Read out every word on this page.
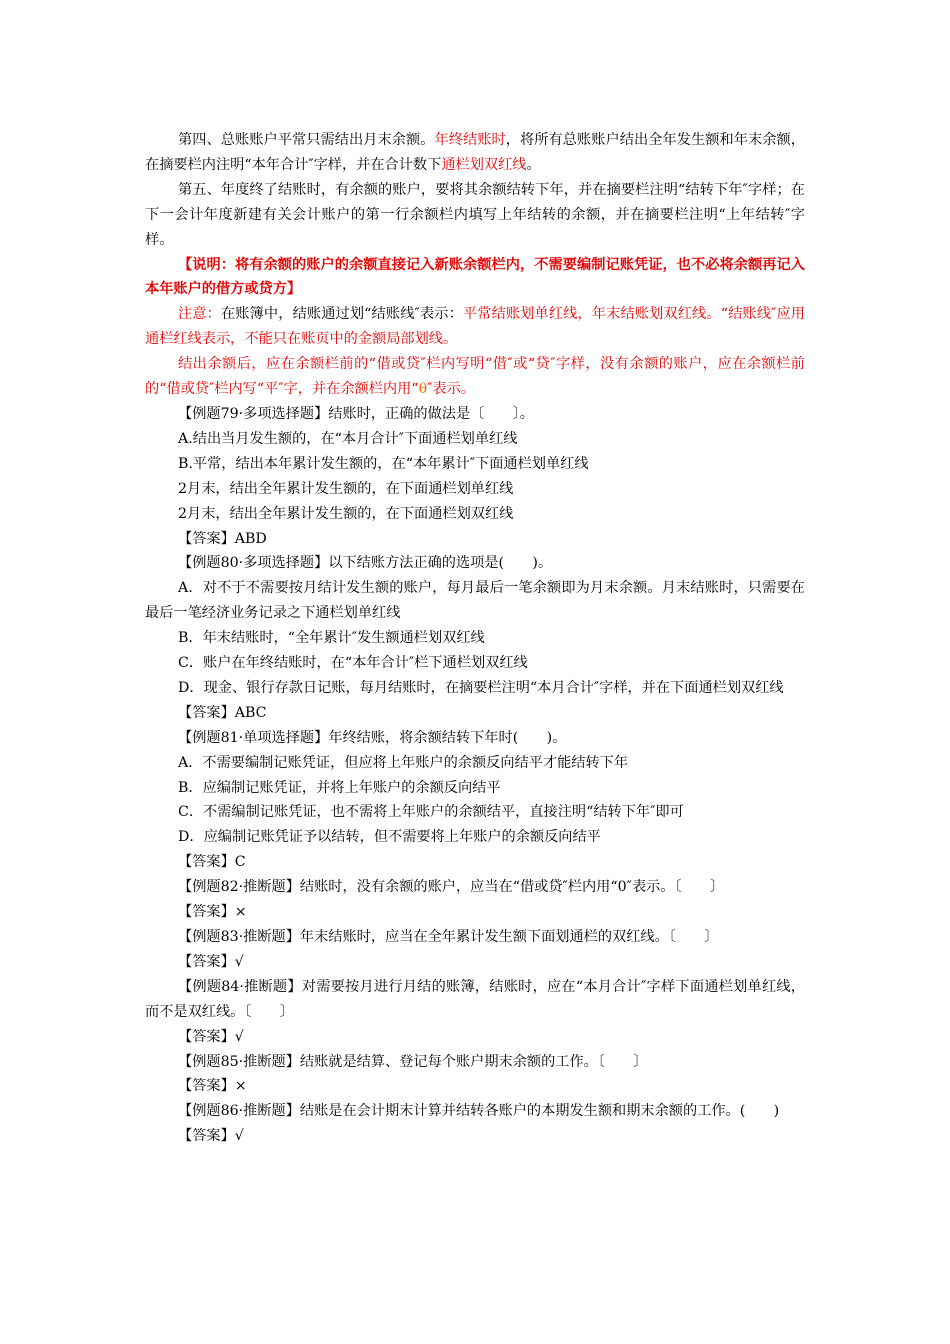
第四、总账账户平常只需结出月末余额。年终结账时，将所有总账账户结出全年发生额和年末余额，在摘要栏内注明“本年合计″字样，并在合计数下通栏划双红线。

第五、年度终了结账时，有余额的账户，要将其余额结转下年，并在摘要栏注明“结转下年″字样；在下一会计年度新建有关会计账户的第一行余额栏内填写上年结转的余额，并在摘要栏注明“上年结转″字样。

【说明：将有余额的账户的余额直接记入新账余额栏内，不需要编制记账凭证，也不必将余额再记入本年账户的借方或贷方】

注意：在账簿中，结账通过划“结账线″表示：平常结账划单红线，年末结账划双红线。“结账线″应用通栏红线表示，不能只在账页中的金额局部划线。

结出余额后，应在余额栏前的“借或贷″栏内写明“借″或“贷″字样，没有余额的账户，应在余额栏前的“借或贷″栏内写“平″字，并在余额栏内用“θ″表示。

【例题79·多项选择题】结账时，正确的做法是〔　　〕。

A.结出当月发生额的，在“本月合计″下面通栏划单红线

B.平常，结出本年累计发生额的，在“本年累计″下面通栏划单红线

2月末，结出全年累计发生额的，在下面通栏划单红线

2月末，结出全年累计发生额的，在下面通栏划双红线

【答案】ABD

【例题80·多项选择题】以下结账方法正确的选项是(　　)。

A．对不于不需要按月结计发生额的账户，每月最后一笔余额即为月末余额。月末结账时，只需要在最后一笔经济业务记录之下通栏划单红线

B．年末结账时，“全年累计″发生额通栏划双红线

C．账户在年终结账时，在“本年合计″栏下通栏划双红线

D．现金、银行存款日记账，每月结账时，在摘要栏注明“本月合计″字样，并在下面通栏划双红线

【答案】ABC

【例题81·单项选择题】年终结账，将余额结转下年时(　　)。

A．不需要编制记账凭证，但应将上年账户的余额反向结平才能结转下年

B．应编制记账凭证，并将上年账户的余额反向结平

C．不需编制记账凭证，也不需将上年账户的余额结平，直接注明“结转下年″即可

D．应编制记账凭证予以结转，但不需要将上年账户的余额反向结平

【答案】C

【例题82·推断题】结账时，没有余额的账户，应当在“借或贷″栏内用“0″表示。〔　　〕

【答案】×

【例题83·推断题】年末结账时，应当在全年累计发生额下面划通栏的双红线。〔　　〕

【答案】√

【例题84·推断题】对需要按月进行月结的账簿，结账时，应在“本月合计″字样下面通栏划单红线，而不是双红线。〔　　〕

【答案】√

【例题85·推断题】结账就是结算、登记每个账户期末余额的工作。〔　　〕

【答案】×

【例题86·推断题】结账是在会计期末计算并结转各账户的本期发生额和期末余额的工作。(　　)

【答案】√
